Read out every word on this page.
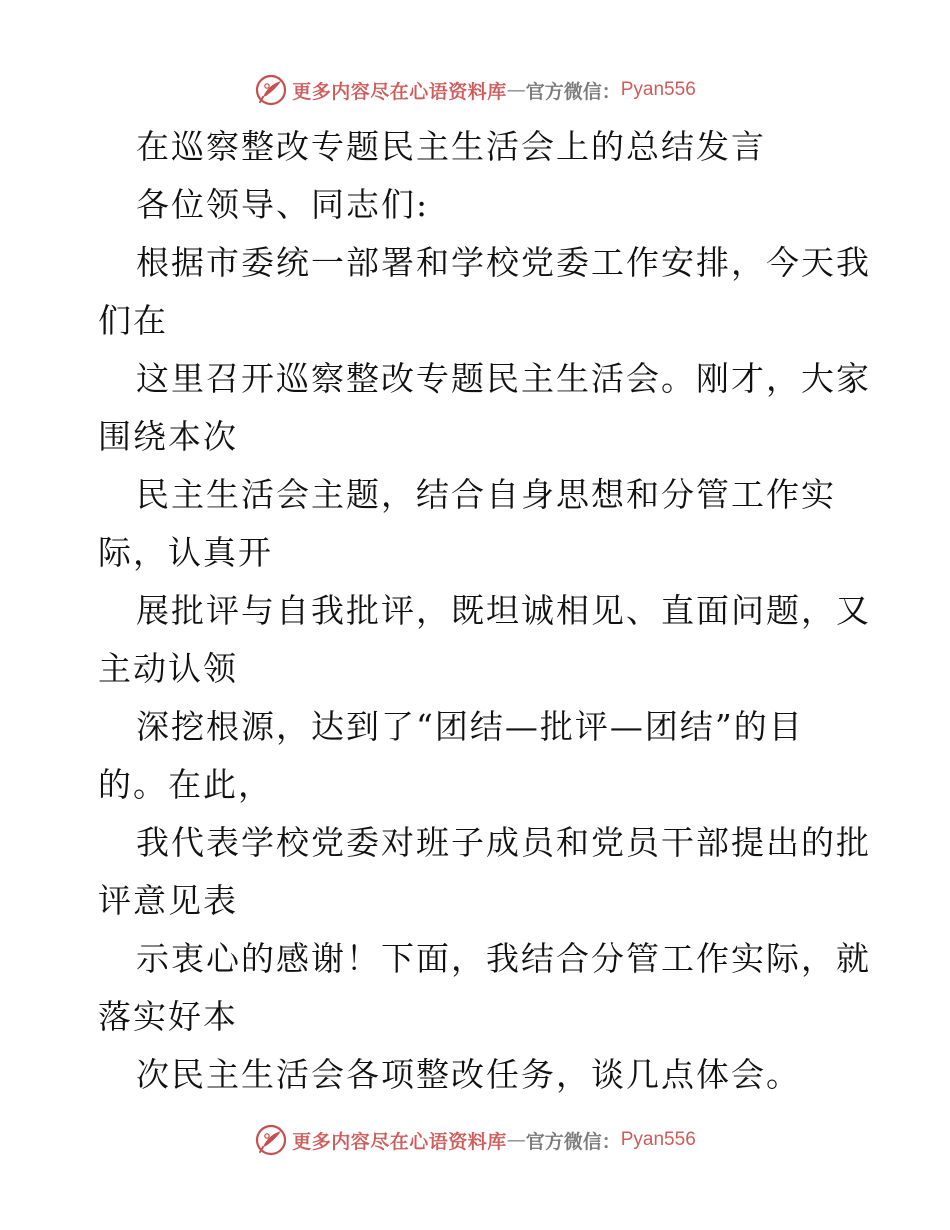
更多内容尽在心语资料库 — 官方微信： Pyan556
在巡察整改专题民主生活会上的总结发言
各位领导、同志们:
根据市委统一部署和学校党委工作安排，今天我
们在
这里召开巡察整改专题民主生活会。刚才，大家
围绕本次
民主生活会主题，结合自身思想和分管工作实
际，认真开
展批评与自我批评，既坦诚相见、直面问题，又
主动认领
深挖根源，达到了“团结—批评—团结”的目
的。在此，
我代表学校党委对班子成员和党员干部提出的批
评意见表
示衷心的感谢！下面，我结合分管工作实际，就
落实好本
次民主生活会各项整改任务，谈几点体会。
更多内容尽在心语资料库 — 官方微信： Pyan556
